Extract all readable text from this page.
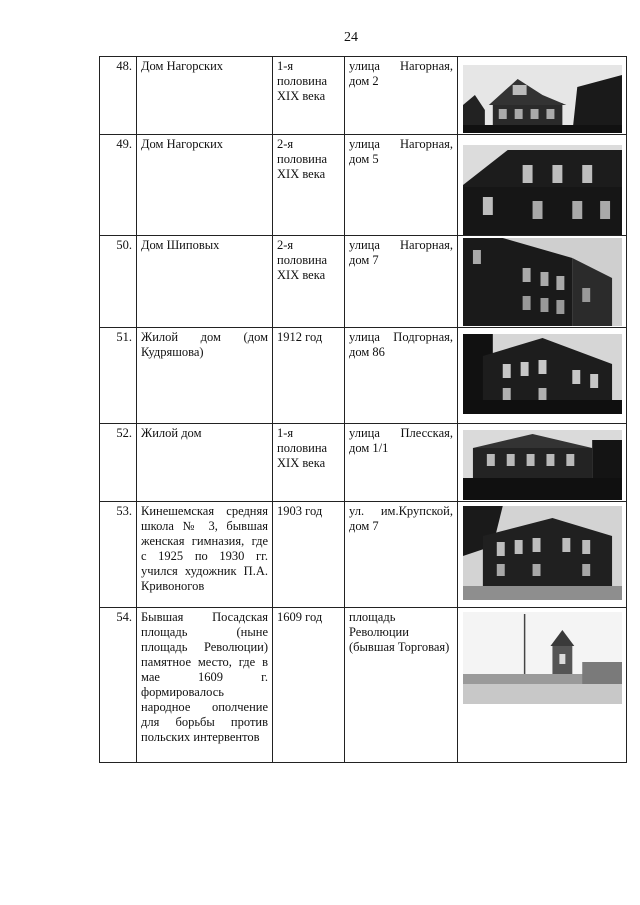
24
48.	Дом Нагорских	1-я половина XIX века	улица Нагорная, дом 2	

49.	Дом Нагорских	2-я половина XIX века	улица Нагорная, дом 5	

50.	Дом Шиповых	2-я половина XIX века	улица Нагорная, дом 7	

51.	Жилой дом (дом Кудряшова)	1912 год	улица Подгорная, дом 86	

52.	Жилой дом	1-я половина XIX века	улица Плесская, дом 1/1	

53.	Кинешемская средняя школа № 3, бывшая женская гимназия, где с 1925 по 1930 гг. учился художник П.А. Кривоногов	1903 год	ул. им.Крупской, дом 7	

54.	Бывшая Посадская площадь (ныне площадь Революции) памятное место, где в мае 1609 г. формировалось народное ополчение для борьбы против польских интервентов	1609 год	площадь Революции (бывшая Торговая)	
